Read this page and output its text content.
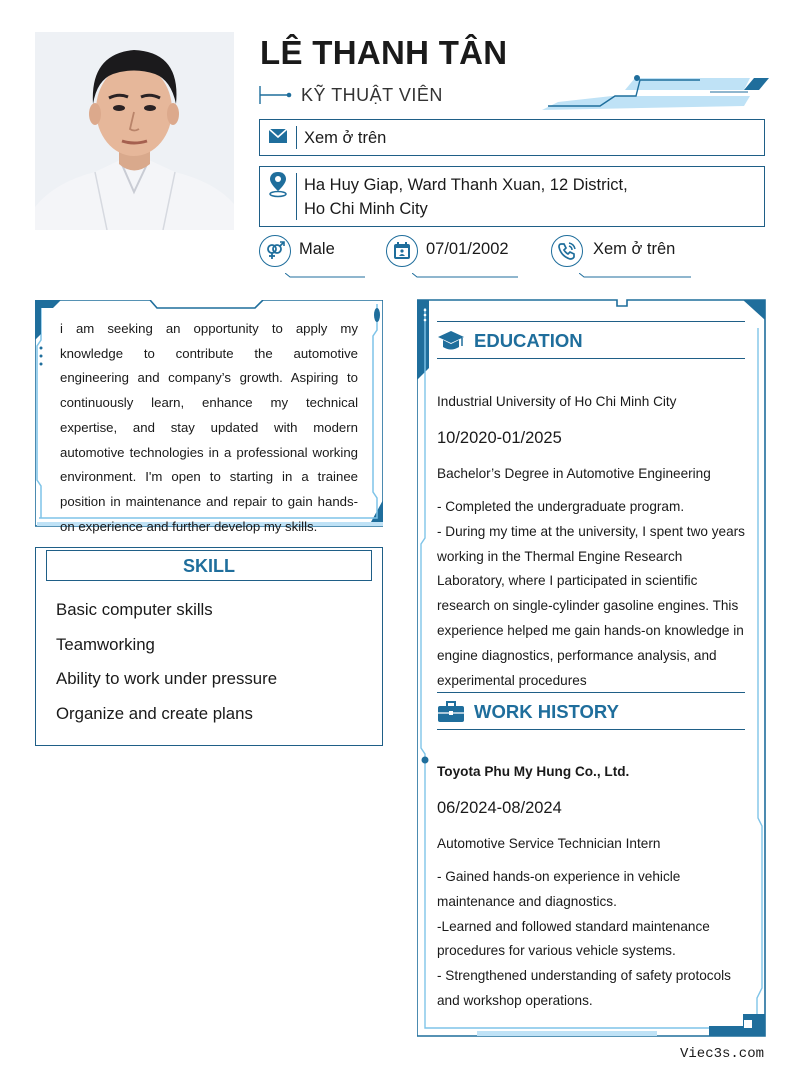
LÊ THANH TÂN
KỸ THUẬT VIÊN
Xem ở trên
Ha Huy Giap, Ward Thanh Xuan, 12 District,
Ho Chi Minh City
Male	07/01/2002	Xem ở trên
i am seeking an opportunity to apply my knowledge to contribute the automotive engineering and company’s growth. Aspiring to continuously learn, enhance my technical expertise, and stay updated with modern automotive technologies in a professional working environment. I'm open to starting in a trainee position in maintenance and repair to gain hands-on experience and further develop my skills.
SKILL
Basic computer skills
Teamworking
Ability to work under pressure
Organize and create plans
EDUCATION
Industrial University of Ho Chi Minh City
10/2020-01/2025
Bachelor’s Degree in Automotive Engineering
- Completed the undergraduate program.
- During my time at the university, I spent two years working in the Thermal Engine Research Laboratory, where I participated in scientific research on single-cylinder gasoline engines. This experience helped me gain hands-on knowledge in engine diagnostics, performance analysis, and experimental procedures
WORK HISTORY
Toyota Phu My Hung Co., Ltd.
06/2024-08/2024
Automotive Service Technician Intern
- Gained hands-on experience in vehicle maintenance and diagnostics.
-Learned and followed standard maintenance procedures for various vehicle systems.
- Strengthened understanding of safety protocols and workshop operations.
Viec3s.com
